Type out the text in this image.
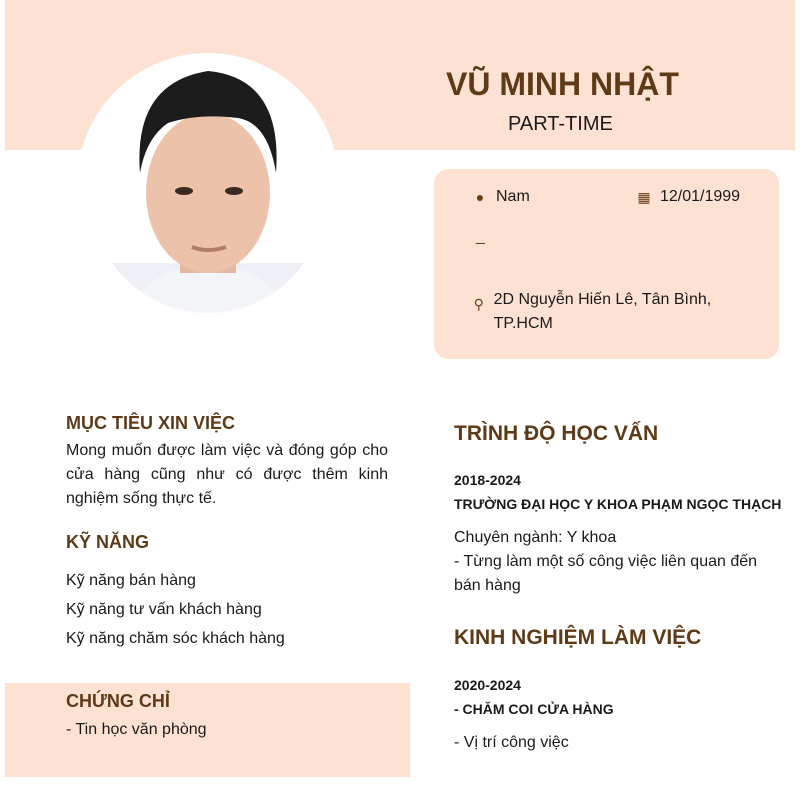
VŨ MINH NHẬT
PART-TIME
● Nam	▦ 12/01/1999
_
⚲ 2D Nguyễn Hiến Lê, Tân Bình, TP.HCM
MỤC TIÊU XIN VIỆC
Mong muốn được làm việc và đóng góp cho cửa hàng cũng như có được thêm kinh nghiệm sống thực tế.
KỸ NĂNG
Kỹ năng bán hàng
Kỹ năng tư vấn khách hàng
Kỹ năng chăm sóc khách hàng
CHỨNG CHỈ
- Tin học văn phòng
TRÌNH ĐỘ HỌC VẤN
2018-2024
TRƯỜNG ĐẠI HỌC Y KHOA PHẠM NGỌC THẠCH
Chuyên ngành: Y khoa
- Từng làm một số công việc liên quan đến bán hàng
KINH NGHIỆM LÀM VIỆC
2020-2024
- CHĂM COI CỬA HÀNG
- Vị trí công việc
